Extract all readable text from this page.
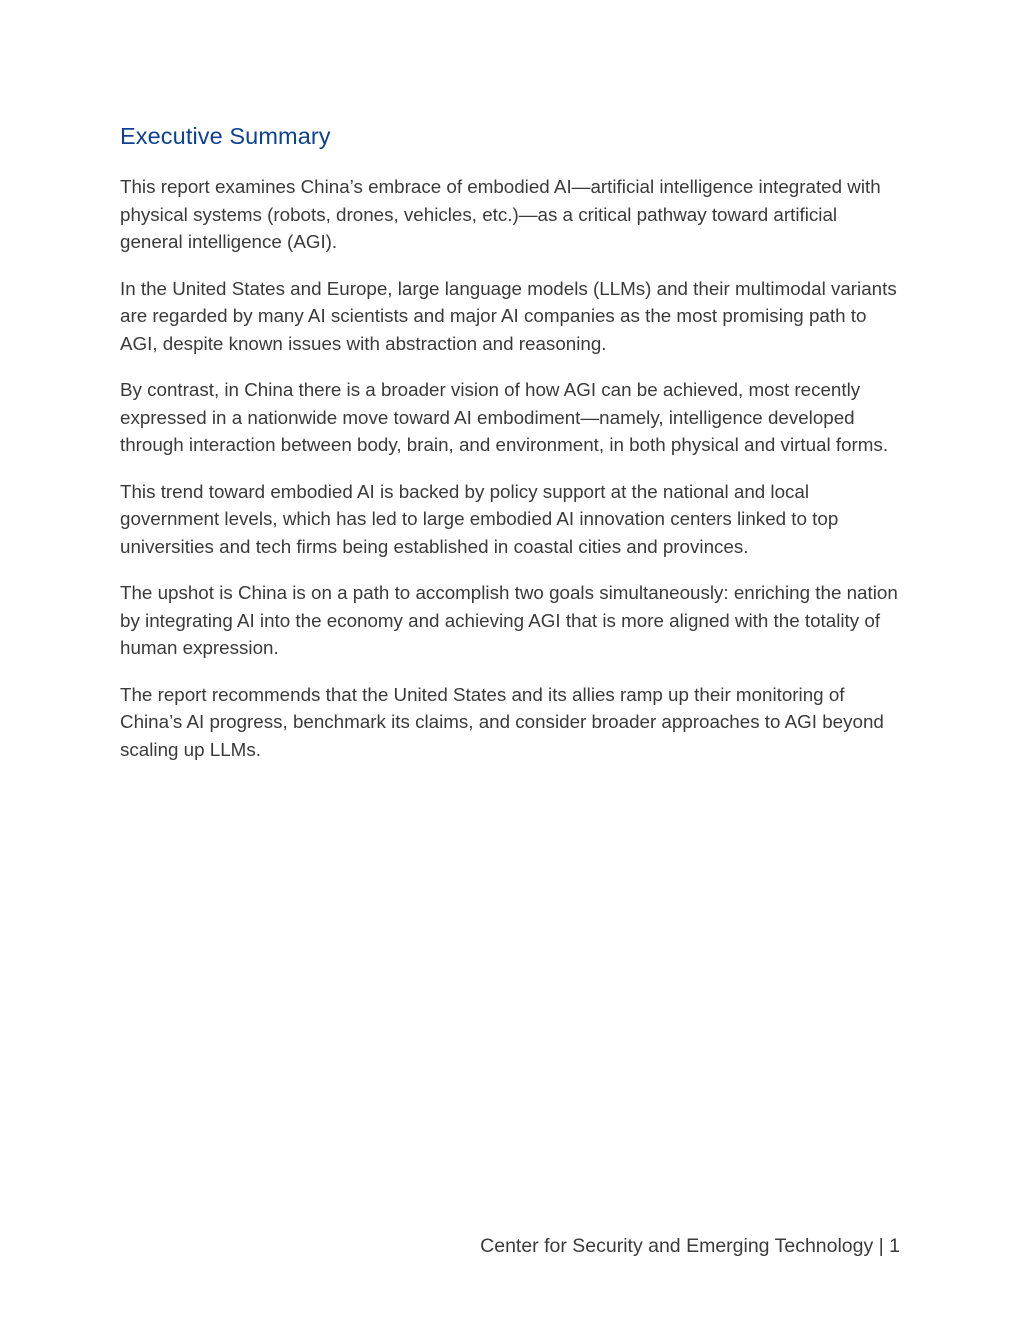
Executive Summary

This report examines China’s embrace of embodied AI—artificial intelligence integrated with physical systems (robots, drones, vehicles, etc.)—as a critical pathway toward artificial general intelligence (AGI).

In the United States and Europe, large language models (LLMs) and their multimodal variants are regarded by many AI scientists and major AI companies as the most promising path to AGI, despite known issues with abstraction and reasoning.

By contrast, in China there is a broader vision of how AGI can be achieved, most recently expressed in a nationwide move toward AI embodiment—namely, intelligence developed through interaction between body, brain, and environment, in both physical and virtual forms.

This trend toward embodied AI is backed by policy support at the national and local government levels, which has led to large embodied AI innovation centers linked to top universities and tech firms being established in coastal cities and provinces.

The upshot is China is on a path to accomplish two goals simultaneously: enriching the nation by integrating AI into the economy and achieving AGI that is more aligned with the totality of human expression.

The report recommends that the United States and its allies ramp up their monitoring of China’s AI progress, benchmark its claims, and consider broader approaches to AGI beyond scaling up LLMs.

Center for Security and Emerging Technology | 1
